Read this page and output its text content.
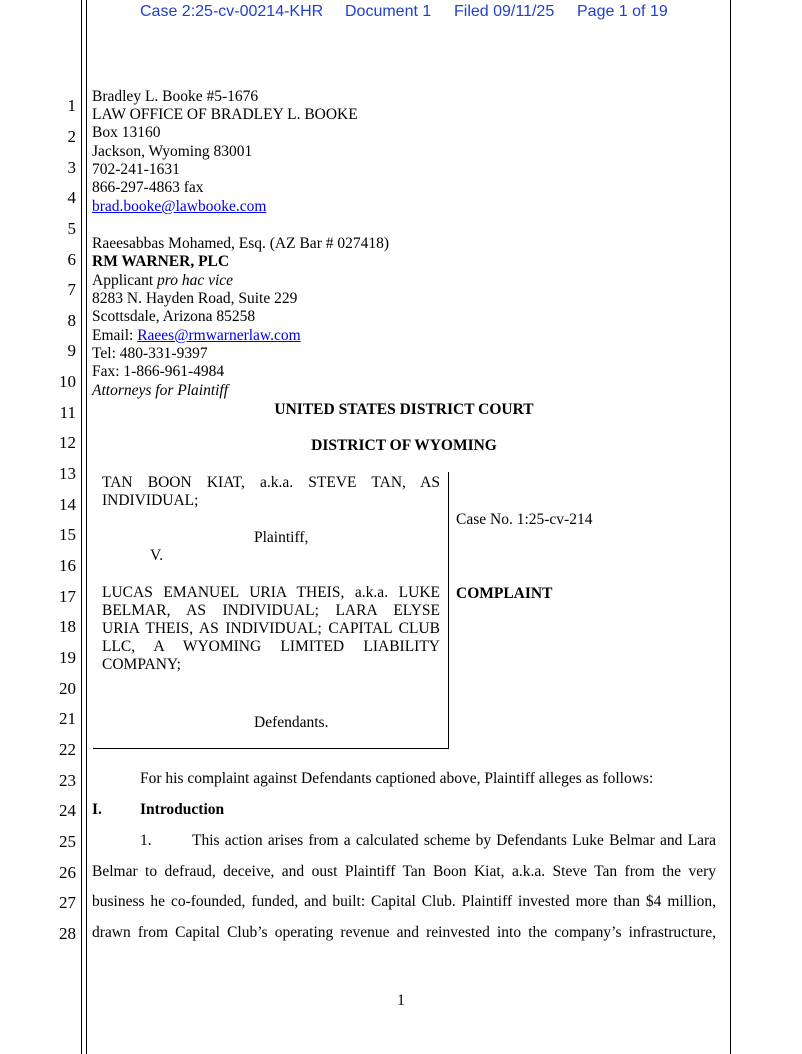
Case 2:25-cv-00214-KHR Document 1 Filed 09/11/25 Page 1 of 19
1
2
3
4
5
6
7
8
9
10
11
12
13
14
15
16
17
18
19
20
21
22
23
24
25
26
27
28
Bradley L. Booke #5-1676
LAW OFFICE OF BRADLEY L. BOOKE
Box 13160
Jackson, Wyoming 83001
702-241-1631
866-297-4863 fax
brad.booke@lawbooke.com
Raeesabbas Mohamed, Esq. (AZ Bar # 027418)
RM WARNER, PLC
Applicant pro hac vice
8283 N. Hayden Road, Suite 229
Scottsdale, Arizona 85258
Email: Raees@rmwarnerlaw.com
Tel: 480-331-9397
Fax: 1-866-961-4984
Attorneys for Plaintiff
UNITED STATES DISTRICT COURT
DISTRICT OF WYOMING
TAN BOON KIAT, a.k.a. STEVE TAN, AS
INDIVIDUAL;
Plaintiff,
V.
LUCAS EMANUEL URIA THEIS, a.k.a. LUKE
BELMAR, AS INDIVIDUAL; LARA ELYSE
URIA THEIS, AS INDIVIDUAL; CAPITAL CLUB
LLC, A WYOMING LIMITED LIABILITY
COMPANY;
Defendants.
Case No. 1:25-cv-214
COMPLAINT
For his complaint against Defendants captioned above, Plaintiff alleges as follows:
I. Introduction
1.	This action arises from a calculated scheme by Defendants Luke Belmar and Lara
Belmar to defraud, deceive, and oust Plaintiff Tan Boon Kiat, a.k.a. Steve Tan from the very
business he co-founded, funded, and built: Capital Club. Plaintiff invested more than $4 million,
drawn from Capital Club’s operating revenue and reinvested into the company’s infrastructure,
1
